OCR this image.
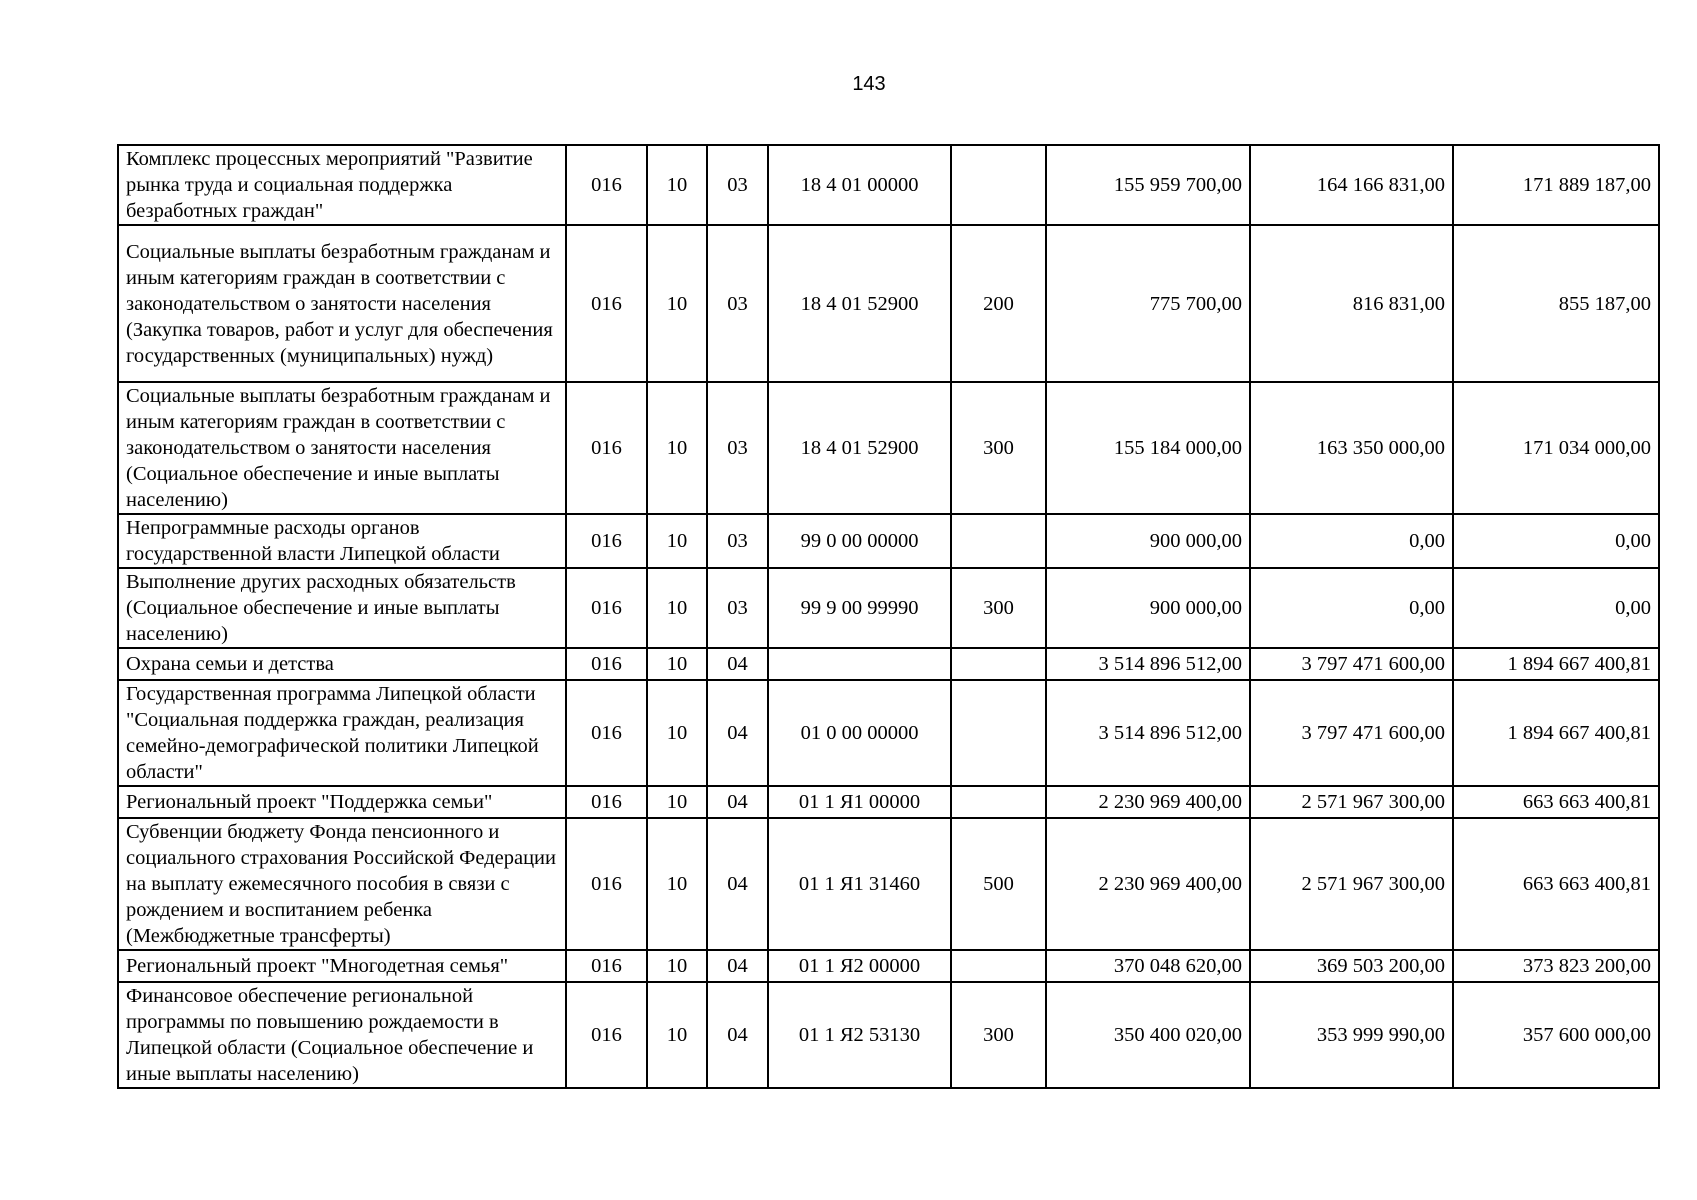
143
Комплекс процессных мероприятий "Развитие рынка труда и социальная поддержка безработных граждан"	016	10	03	18 4 01 00000		155 959 700,00	164 166 831,00	171 889 187,00
Социальные выплаты безработным гражданам и иным категориям граждан в соответствии с законодательством о занятости населения (Закупка товаров, работ и услуг для обеспечения государственных (муниципальных) нужд)	016	10	03	18 4 01 52900	200	775 700,00	816 831,00	855 187,00
Социальные выплаты безработным гражданам и иным категориям граждан в соответствии с законодательством о занятости населения (Социальное обеспечение и иные выплаты населению)	016	10	03	18 4 01 52900	300	155 184 000,00	163 350 000,00	171 034 000,00
Непрограммные расходы органов государственной власти Липецкой области	016	10	03	99 0 00 00000		900 000,00	0,00	0,00
Выполнение других расходных обязательств (Социальное обеспечение и иные выплаты населению)	016	10	03	99 9 00 99990	300	900 000,00	0,00	0,00
Охрана семьи и детства	016	10	04			3 514 896 512,00	3 797 471 600,00	1 894 667 400,81
Государственная программа Липецкой области "Социальная поддержка граждан, реализация семейно-демографической политики Липецкой области"	016	10	04	01 0 00 00000		3 514 896 512,00	3 797 471 600,00	1 894 667 400,81
Региональный проект "Поддержка семьи"	016	10	04	01 1 Я1 00000		2 230 969 400,00	2 571 967 300,00	663 663 400,81
Субвенции бюджету Фонда пенсионного и социального страхования Российской Федерации на выплату ежемесячного пособия в связи с рождением и воспитанием ребенка (Межбюджетные трансферты)	016	10	04	01 1 Я1 31460	500	2 230 969 400,00	2 571 967 300,00	663 663 400,81
Региональный проект "Многодетная семья"	016	10	04	01 1 Я2 00000		370 048 620,00	369 503 200,00	373 823 200,00
Финансовое обеспечение региональной программы по повышению рождаемости в Липецкой области (Социальное обеспечение и иные выплаты населению)	016	10	04	01 1 Я2 53130	300	350 400 020,00	353 999 990,00	357 600 000,00
